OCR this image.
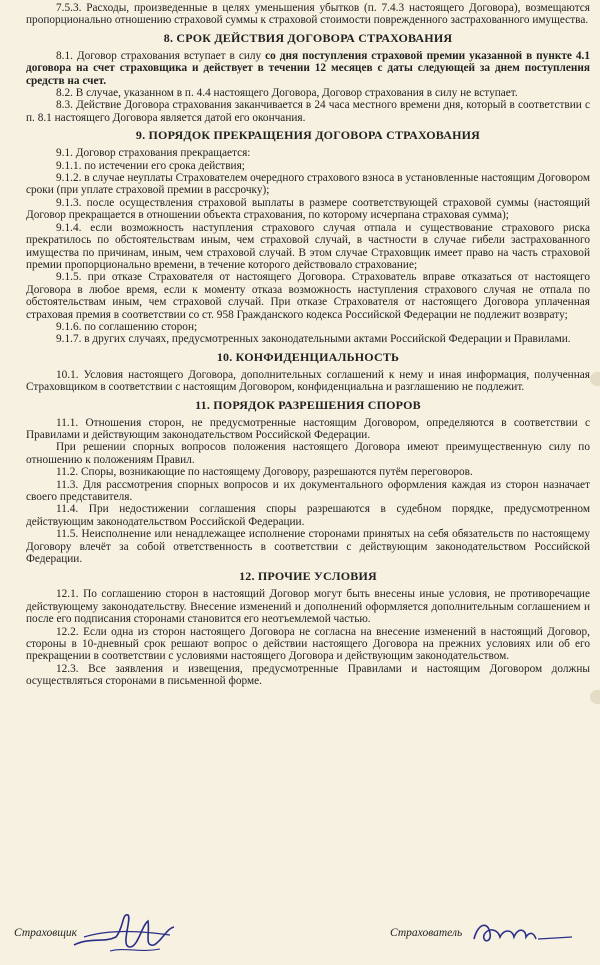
7.5.3. Расходы, произведенные в целях уменьшения убытков (п. 7.4.3 настоящего Договора), возмещаются пропорционально отношению страховой суммы к страховой стоимости поврежденного застрахованного имущества.

8. СРОК ДЕЙСТВИЯ ДОГОВОРА СТРАХОВАНИЯ

8.1. Договор страхования вступает в силу со дня поступления страховой премии указанной в пункте 4.1 договора на счет страховщика и действует в течении 12 месяцев с даты следующей за днем поступления средств на счет.

8.2. В случае, указанном в п. 4.4 настоящего Договора, Договор страхования в силу не вступает.

8.3. Действие Договора страхования заканчивается в 24 часа местного времени дня, который в соответствии с п. 8.1 настоящего Договора является датой его окончания.

9. ПОРЯДОК ПРЕКРАЩЕНИЯ ДОГОВОРА СТРАХОВАНИЯ

9.1. Договор страхования прекращается:

9.1.1. по истечении его срока действия;

9.1.2. в случае неуплаты Страхователем очередного страхового взноса в установленные настоящим Договором сроки (при уплате страховой премии в рассрочку);

9.1.3. после осуществления страховой выплаты в размере соответствующей страховой суммы (настоящий Договор прекращается в отношении объекта страхования, по которому исчерпана страховая сумма);

9.1.4. если возможность наступления страхового случая отпала и существование страхового риска прекратилось по обстоятельствам иным, чем страховой случай, в частности в случае гибели застрахованного имущества по причинам, иным, чем страховой случай. В этом случае Страховщик имеет право на часть страховой премии пропорционально времени, в течение которого действовало страхование;

9.1.5. при отказе Страхователя от настоящего Договора. Страхователь вправе отказаться от настоящего Договора в любое время, если к моменту отказа возможность наступления страхового случая не отпала по обстоятельствам иным, чем страховой случай. При отказе Страхователя от настоящего Договора уплаченная страховая премия в соответствии со ст. 958 Гражданского кодекса Российской Федерации не подлежит возврату;

9.1.6. по соглашению сторон;

9.1.7. в других случаях, предусмотренных законодательными актами Российской Федерации и Правилами.

10. КОНФИДЕНЦИАЛЬНОСТЬ

10.1. Условия настоящего Договора, дополнительных соглашений к нему и иная информация, полученная Страховщиком в соответствии с настоящим Договором, конфиденциальна и разглашению не подлежит.

11. ПОРЯДОК РАЗРЕШЕНИЯ СПОРОВ

11.1. Отношения сторон, не предусмотренные настоящим Договором, определяются в соответствии с Правилами и действующим законодательством Российской Федерации.

При решении спорных вопросов положения настоящего Договора имеют преимущественную силу по отношению к положениям Правил.

11.2. Споры, возникающие по настоящему Договору, разрешаются путём переговоров.

11.3. Для рассмотрения спорных вопросов и их документального оформления каждая из сторон назначает своего представителя.

11.4. При недостижении соглашения споры разрешаются в судебном порядке, предусмотренном действующим законодательством Российской Федерации.

11.5. Неисполнение или ненадлежащее исполнение сторонами принятых на себя обязательств по настоящему Договору влечёт за собой ответственность в соответствии с действующим законодательством Российской Федерации.

12. ПРОЧИЕ УСЛОВИЯ

12.1. По соглашению сторон в настоящий Договор могут быть внесены иные условия, не противоречащие действующему законодательству. Внесение изменений и дополнений оформляется дополнительным соглашением и после его подписания сторонами становится его неотъемлемой частью.

12.2. Если одна из сторон настоящего Договора не согласна на внесение изменений в настоящий Договор, стороны в 10-дневный срок решают вопрос о действии настоящего Договора на прежних условиях или об его прекращении в соответствии с условиями настоящего Договора и действующим законодательством.

12.3. Все заявления и извещения, предусмотренные Правилами и настоящим Договором должны осуществляться сторонами в письменной форме.

Страховщик	Страхователь
